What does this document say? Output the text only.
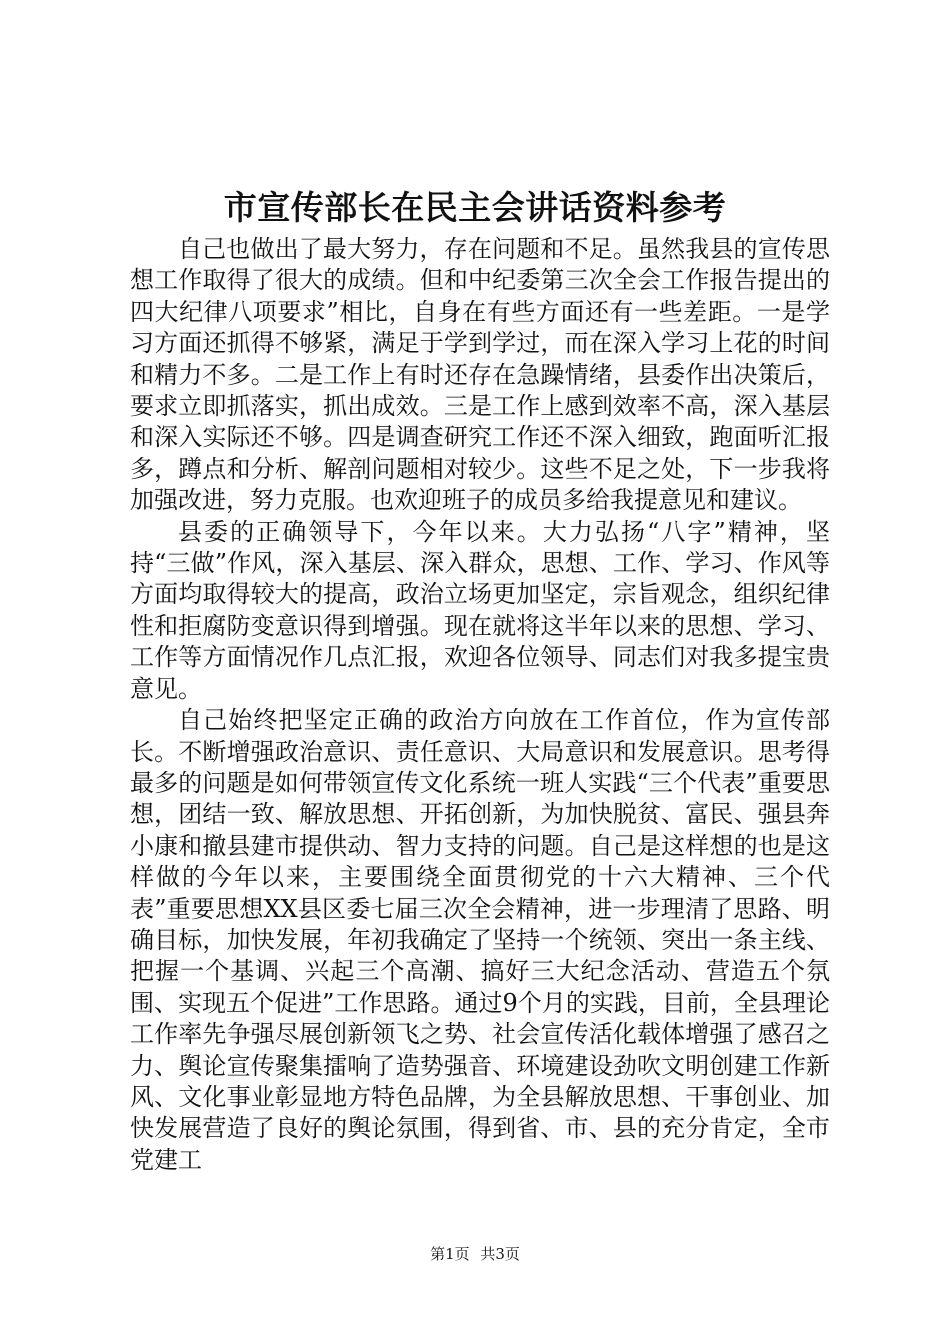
市宣传部长在民主会讲话资料参考

自己也做出了最大努力，存在问题和不足。虽然我县的宣传思想工作取得了很大的成绩。但和中纪委第三次全会工作报告提出的四大纪律八项要求”相比，自身在有些方面还有一些差距。一是学习方面还抓得不够紧，满足于学到学过，而在深入学习上花的时间和精力不多。二是工作上有时还存在急躁情绪，县委作出决策后，要求立即抓落实，抓出成效。三是工作上感到效率不高，深入基层和深入实际还不够。四是调查研究工作还不深入细致，跑面听汇报多，蹲点和分析、解剖问题相对较少。这些不足之处，下一步我将加强改进，努力克服。也欢迎班子的成员多给我提意见和建议。

县委的正确领导下，今年以来。大力弘扬“八字”精神，坚持“三做”作风，深入基层、深入群众，思想、工作、学习、作风等方面均取得较大的提高，政治立场更加坚定，宗旨观念，组织纪律性和拒腐防变意识得到增强。现在就将这半年以来的思想、学习、工作等方面情况作几点汇报，欢迎各位领导、同志们对我多提宝贵意见。

自己始终把坚定正确的政治方向放在工作首位，作为宣传部长。不断增强政治意识、责任意识、大局意识和发展意识。思考得最多的问题是如何带领宣传文化系统一班人实践“三个代表”重要思想，团结一致、解放思想、开拓创新，为加快脱贫、富民、强县奔小康和撤县建市提供动、智力支持的问题。自己是这样想的也是这样做的今年以来，主要围绕全面贯彻党的十六大精神、三个代表”重要思想XX县区委七届三次全会精神，进一步理清了思路、明确目标，加快发展，年初我确定了坚持一个统领、突出一条主线、把握一个基调、兴起三个高潮、搞好三大纪念活动、营造五个氛围、实现五个促进”工作思路。通过9个月的实践，目前，全县理论工作率先争强尽展创新领飞之势、社会宣传活化载体增强了感召之力、舆论宣传聚集擂响了造势强音、环境建设劲吹文明创建工作新风、文化事业彰显地方特色品牌，为全县解放思想、干事创业、加快发展营造了良好的舆论氛围，得到省、市、县的充分肯定，全市党建工

第1页 共3页
